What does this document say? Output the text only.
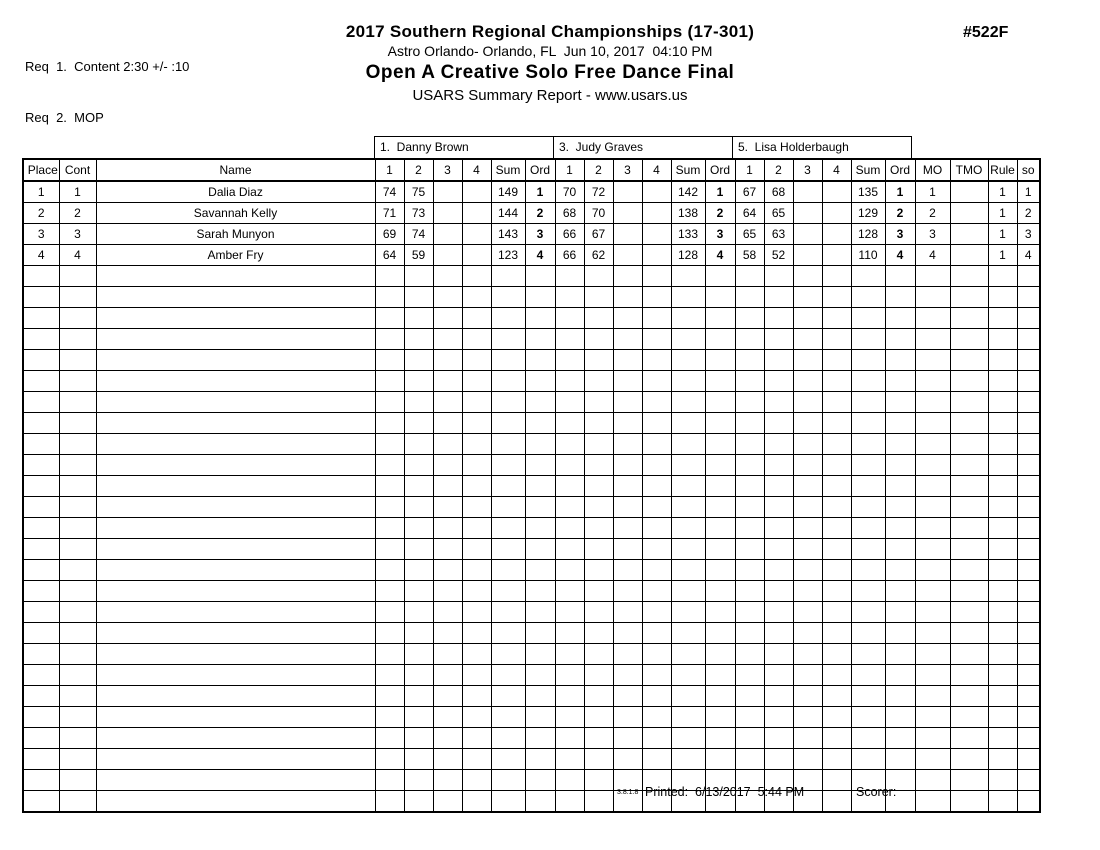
Req  1.  Content 2:30 +/- :10

Req  2.  MOP

2017 Southern Regional Championships (17-301)
Astro Orlando- Orlando, FL  Jun 10, 2017  04:10 PM
Open A Creative Solo Free Dance Final
USARS Summary Report - www.usars.us
#522F
1.  Danny Brown	3.  Judy Graves	5.  Lisa Holderbaugh
Place	Cont	Name	1	2	3	4	Sum	Ord	1	2	3	4	Sum	Ord	1	2	3	4	Sum	Ord	MO	TMO	Rule	so
1	1	Dalia Diaz	74	75			149	1	70	72			142	1	67	68			135	1	1		1	1
2	2	Savannah Kelly	71	73			144	2	68	70			138	2	64	65			129	2	2		1	2
3	3	Sarah Munyon	69	74			143	3	66	67			133	3	65	63			128	3	3		1	3
4	4	Amber Fry	64	59			123	4	66	62			128	4	58	52			110	4	4		1	4

3.8.1.8 Printed:  6/13/2017  5:44 PM	Scorer:
